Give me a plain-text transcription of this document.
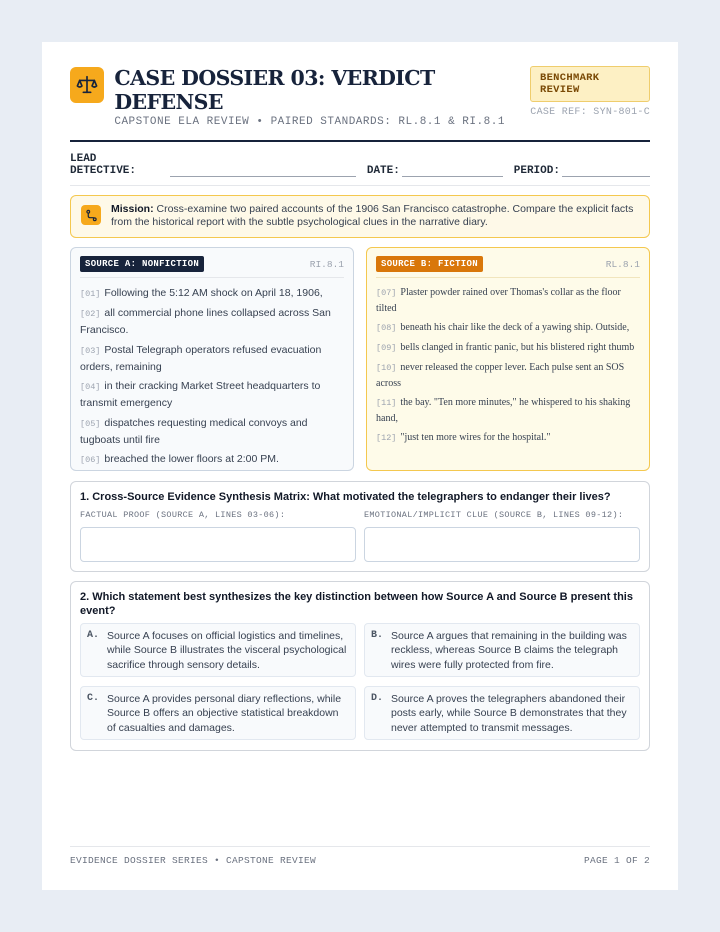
CASE DOSSIER 03: VERDICT DEFENSE
CAPSTONE ELA REVIEW • PAIRED STANDARDS: RL.8.1 & RI.8.1
BENCHMARK REVIEW
CASE REF: SYN-801-C
LEAD DETECTIVE:	DATE:	PERIOD:
Mission: Cross-examine two paired accounts of the 1906 San Francisco catastrophe. Compare the explicit facts from the historical report with the subtle psychological clues in the narrative diary.
SOURCE A: NONFICTION	RI.8.1
[01] Following the 5:12 AM shock on April 18, 1906,
[02] all commercial phone lines collapsed across San Francisco.
[03] Postal Telegraph operators refused evacuation orders, remaining
[04] in their cracking Market Street headquarters to transmit emergency
[05] dispatches requesting medical convoys and tugboats until fire
[06] breached the lower floors at 2:00 PM.
SOURCE B: FICTION	RL.8.1
[07] Plaster powder rained over Thomas's collar as the floor tilted
[08] beneath his chair like the deck of a yawing ship. Outside,
[09] bells clanged in frantic panic, but his blistered right thumb
[10] never released the copper lever. Each pulse sent an SOS across
[11] the bay. "Ten more minutes," he whispered to his shaking hand,
[12] "just ten more wires for the hospital."
1. Cross-Source Evidence Synthesis Matrix: What motivated the telegraphers to endanger their lives?
FACTUAL PROOF (SOURCE A, LINES 03-06):	EMOTIONAL/IMPLICIT CLUE (SOURCE B, LINES 09-12):
2. Which statement best synthesizes the key distinction between how Source A and Source B present this event?
A. Source A focuses on official logistics and timelines, while Source B illustrates the visceral psychological sacrifice through sensory details.
B. Source A argues that remaining in the building was reckless, whereas Source B claims the telegraph wires were fully protected from fire.
C. Source A provides personal diary reflections, while Source B offers an objective statistical breakdown of casualties and damages.
D. Source A proves the telegraphers abandoned their posts early, while Source B demonstrates that they never attempted to transmit messages.
EVIDENCE DOSSIER SERIES • CAPSTONE REVIEW	PAGE 1 OF 2
